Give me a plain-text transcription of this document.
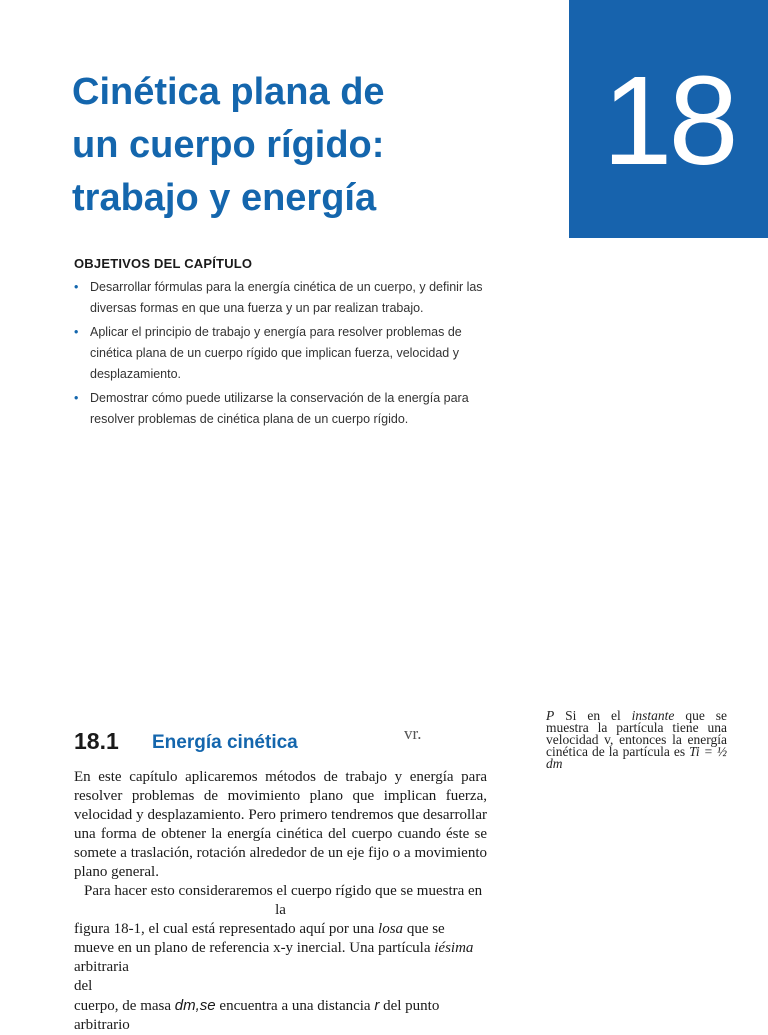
18
Cinética plana de
un cuerpo rígido:
trabajo y energía
OBJETIVOS DEL CAPÍTULO
• Desarrollar fórmulas para la energía cinética de un cuerpo, y definir las diversas formas en que una fuerza y un par realizan trabajo.
• Aplicar el principio de trabajo y energía para resolver problemas de cinética plana de un cuerpo rígido que implican fuerza, velocidad y desplazamiento.
• Demostrar cómo puede utilizarse la conservación de la energía para resolver problemas de cinética plana de un cuerpo rígido.
18.1 Energía cinética	vr.
P Si en el instante que se muestra la partícula tiene una velocidad v, entonces la energía cinética de la partícula es Ti = ½ dm

En este capítulo aplicaremos métodos de trabajo y energía para resolver problemas de movimiento plano que implican fuerza, velocidad y desplazamiento. Pero primero tendremos que desarrollar una forma de obtener la energía cinética del cuerpo cuando éste se somete a traslación, rotación alrededor de un eje fijo o a movimiento plano general.

Para hacer esto consideraremos el cuerpo rígido que se muestra en

la

figura 18-1, el cual está representado aquí por una losa que se mueve en un plano de referencia x-y inercial. Una partícula iésima arbitraria

del

cuerpo, de masa dm,se encuentra a una distancia r del punto arbitrario
